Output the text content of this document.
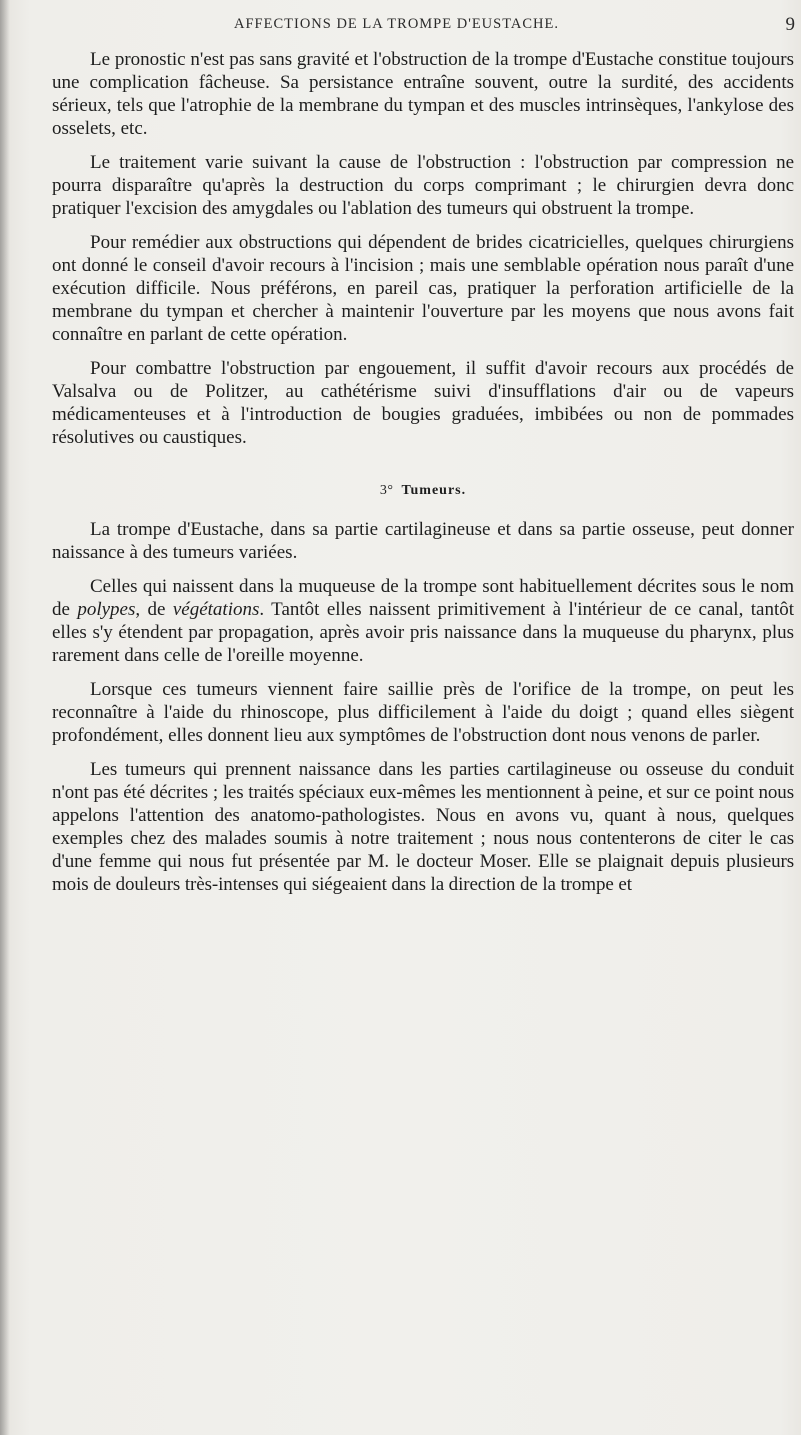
AFFECTIONS DE LA TROMPE D'EUSTACHE.	9

Le pronostic n'est pas sans gravité et l'obstruction de la trompe d'Eustache constitue toujours une complication fâcheuse. Sa persistance entraîne souvent, outre la surdité, des accidents sérieux, tels que l'atrophie de la membrane du tympan et des muscles intrinsèques, l'ankylose des osselets, etc.

Le traitement varie suivant la cause de l'obstruction : l'obstruction par compression ne pourra disparaître qu'après la destruction du corps comprimant ; le chirurgien devra donc pratiquer l'excision des amygdales ou l'ablation des tumeurs qui obstruent la trompe.

Pour remédier aux obstructions qui dépendent de brides cicatricielles, quelques chirurgiens ont donné le conseil d'avoir recours à l'incision ; mais une semblable opération nous paraît d'une exécution difficile. Nous préférons, en pareil cas, pratiquer la perforation artificielle de la membrane du tympan et chercher à maintenir l'ouverture par les moyens que nous avons fait connaître en parlant de cette opération.

Pour combattre l'obstruction par engouement, il suffit d'avoir recours aux procédés de Valsalva ou de Politzer, au cathétérisme suivi d'insufflations d'air ou de vapeurs médicamenteuses et à l'introduction de bougies graduées, imbibées ou non de pommades résolutives ou caustiques.

3° Tumeurs.

La trompe d'Eustache, dans sa partie cartilagineuse et dans sa partie osseuse, peut donner naissance à des tumeurs variées.

Celles qui naissent dans la muqueuse de la trompe sont habituellement décrites sous le nom de polypes, de végétations. Tantôt elles naissent primitivement à l'intérieur de ce canal, tantôt elles s'y étendent par propagation, après avoir pris naissance dans la muqueuse du pharynx, plus rarement dans celle de l'oreille moyenne.

Lorsque ces tumeurs viennent faire saillie près de l'orifice de la trompe, on peut les reconnaître à l'aide du rhinoscope, plus difficilement à l'aide du doigt ; quand elles siègent profondément, elles donnent lieu aux symptômes de l'obstruction dont nous venons de parler.

Les tumeurs qui prennent naissance dans les parties cartilagineuse ou osseuse du conduit n'ont pas été décrites ; les traités spéciaux eux-mêmes les mentionnent à peine, et sur ce point nous appelons l'attention des anatomo-pathologistes. Nous en avons vu, quant à nous, quelques exemples chez des malades soumis à notre traitement ; nous nous contenterons de citer le cas d'une femme qui nous fut présentée par M. le docteur Moser. Elle se plaignait depuis plusieurs mois de douleurs très-intenses qui siégeaient dans la direction de la trompe et
